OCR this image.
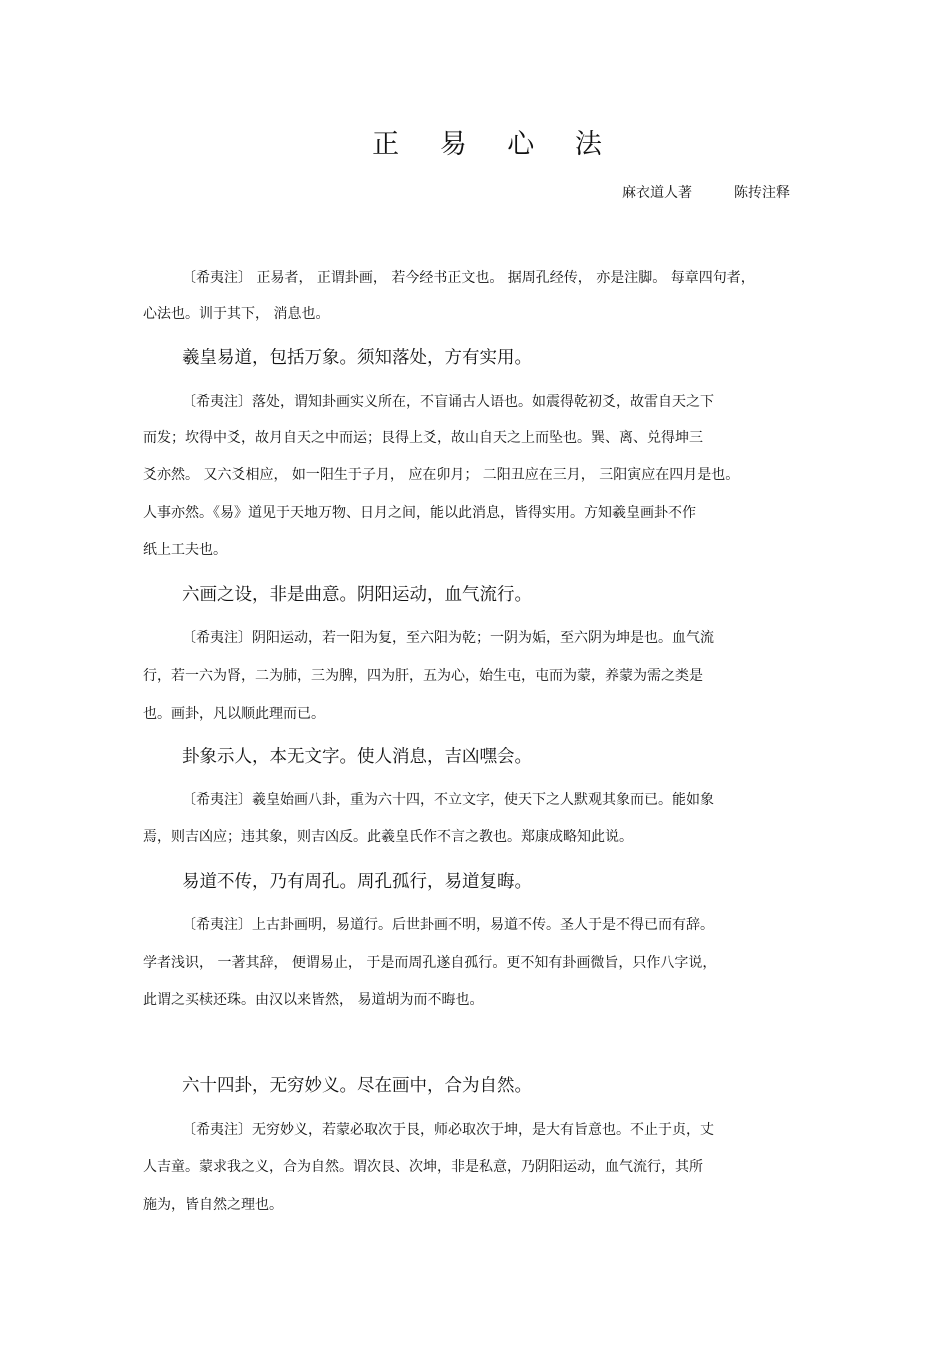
正 易 心 法
麻衣道人著	陈抟注释
〔希夷注〕 正易者， 正谓卦画， 若今经书正文也。 据周孔经传， 亦是注脚。 每章四句者，
心法也。训于其下， 消息也。
羲皇易道，包括万象。须知落处，方有实用。
〔希夷注〕落处，谓知卦画实义所在，不盲诵古人语也。如震得乾初爻，故雷自天之下
而发；坎得中爻，故月自天之中而运；艮得上爻，故山自天之上而坠也。巽、离、兑得坤三
爻亦然。 又六爻相应， 如一阳生于子月， 应在卯月； 二阳丑应在三月， 三阳寅应在四月是也。
人事亦然。《易》道见于天地万物、日月之间，能以此消息，皆得实用。方知羲皇画卦不作
纸上工夫也。
六画之设，非是曲意。阴阳运动，血气流行。
〔希夷注〕阴阳运动，若一阳为复，至六阳为乾；一阴为姤，至六阴为坤是也。血气流
行，若一六为肾，二为肺，三为脾，四为肝，五为心，始生屯，屯而为蒙，养蒙为需之类是
也。画卦，凡以顺此理而已。
卦象示人，本无文字。使人消息，吉凶嘿会。
〔希夷注〕羲皇始画八卦，重为六十四，不立文字，使天下之人默观其象而已。能如象
焉，则吉凶应；违其象，则吉凶反。此羲皇氏作不言之教也。郑康成略知此说。
易道不传，乃有周孔。周孔孤行，易道复晦。
〔希夷注〕上古卦画明，易道行。后世卦画不明，易道不传。圣人于是不得已而有辞。
学者浅识， 一著其辞， 便谓易止， 于是而周孔遂自孤行。更不知有卦画微旨，只作八字说，
此谓之买椟还珠。由汉以来皆然， 易道胡为而不晦也。
六十四卦，无穷妙义。尽在画中，合为自然。
〔希夷注〕无穷妙义，若蒙必取次于艮，师必取次于坤，是大有旨意也。不止于贞，丈
人吉童。蒙求我之义，合为自然。谓次艮、次坤，非是私意，乃阴阳运动，血气流行，其所
施为，皆自然之理也。
